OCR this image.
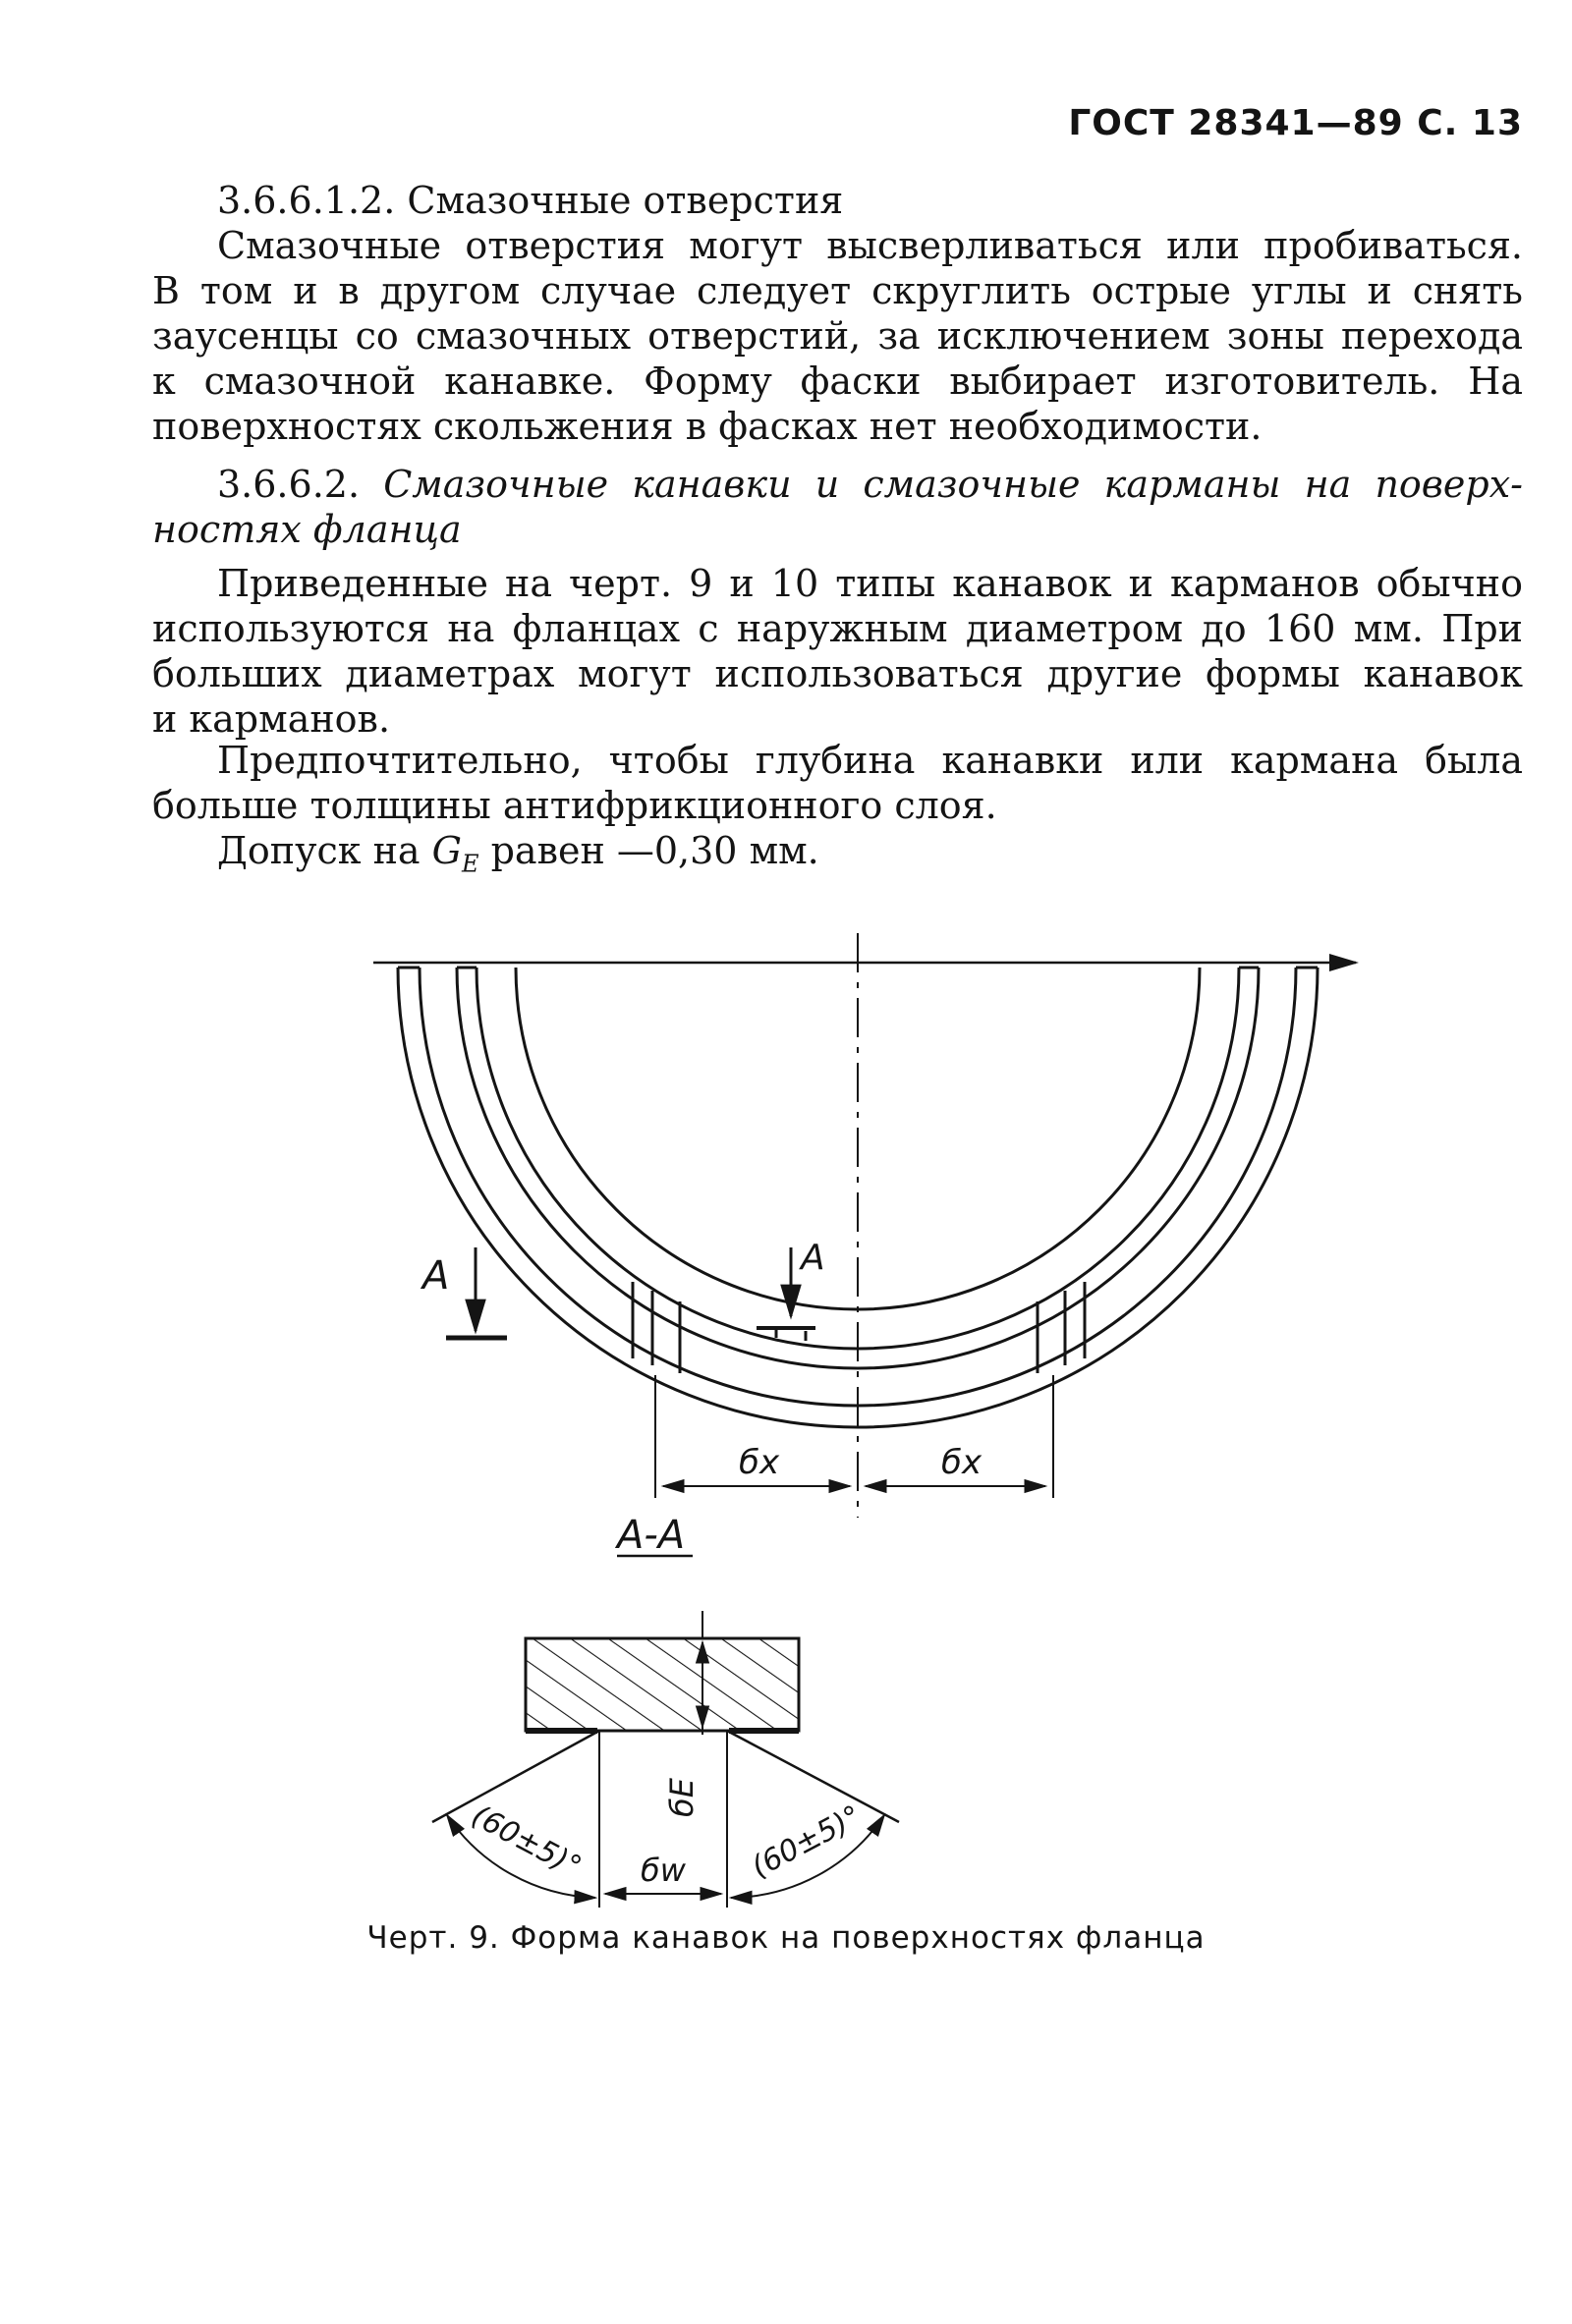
ГОСТ 28341—89 С. 13
3.6.6.1.2. Смазочные отверстия
Смазочные отверстия могут высверливаться или пробиваться.
В том и в другом случае следует скруглить острые углы и снять
заусенцы со смазочных отверстий, за исключением зоны перехода
к смазочной канавке. Форму фаски выбирает изготовитель. На
поверхностях скольжения в фасках нет необходимости.
3.6.6.2. Смазочные канавки и смазочные карманы на поверх-
ностях фланца
Приведенные на черт. 9 и 10 типы канавок и карманов обычно
используются на фланцах с наружным диаметром до 160 мм. При
больших диаметрах могут использоваться другие формы канавок
и карманов.
Предпочтительно, чтобы глубина канавки или кармана была
больше толщины антифрикционного слоя.
Допуск на $G_E$ равен —0,30 мм.
А	А
бx	бx
А-А
бE
бw
(60±5)°	(60±5)°
Черт. 9. Форма канавок на поверхностях фланца
